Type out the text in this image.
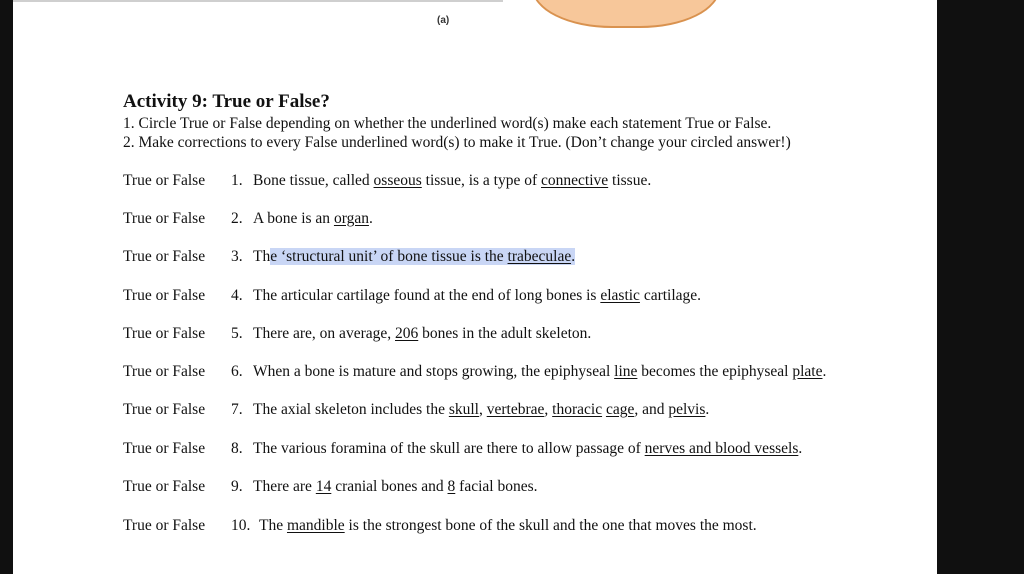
(a)
Activity 9: True or False?
1. Circle True or False depending on whether the underlined word(s) make each statement True or False.
2. Make corrections to every False underlined word(s) to make it True. (Don’t change your circled answer!)
True or False 1. Bone tissue, called osseous tissue, is a type of connective tissue.
True or False 2. A bone is an organ.
True or False 3. The ‘structural unit’ of bone tissue is the trabeculae.
True or False 4. The articular cartilage found at the end of long bones is elastic cartilage.
True or False 5. There are, on average, 206 bones in the adult skeleton.
True or False 6. When a bone is mature and stops growing, the epiphyseal line becomes the epiphyseal plate.
True or False 7. The axial skeleton includes the skull, vertebrae, thoracic cage, and pelvis.
True or False 8. The various foramina of the skull are there to allow passage of nerves and blood vessels.
True or False 9. There are 14 cranial bones and 8 facial bones.
True or False 10. The mandible is the strongest bone of the skull and the one that moves the most.
